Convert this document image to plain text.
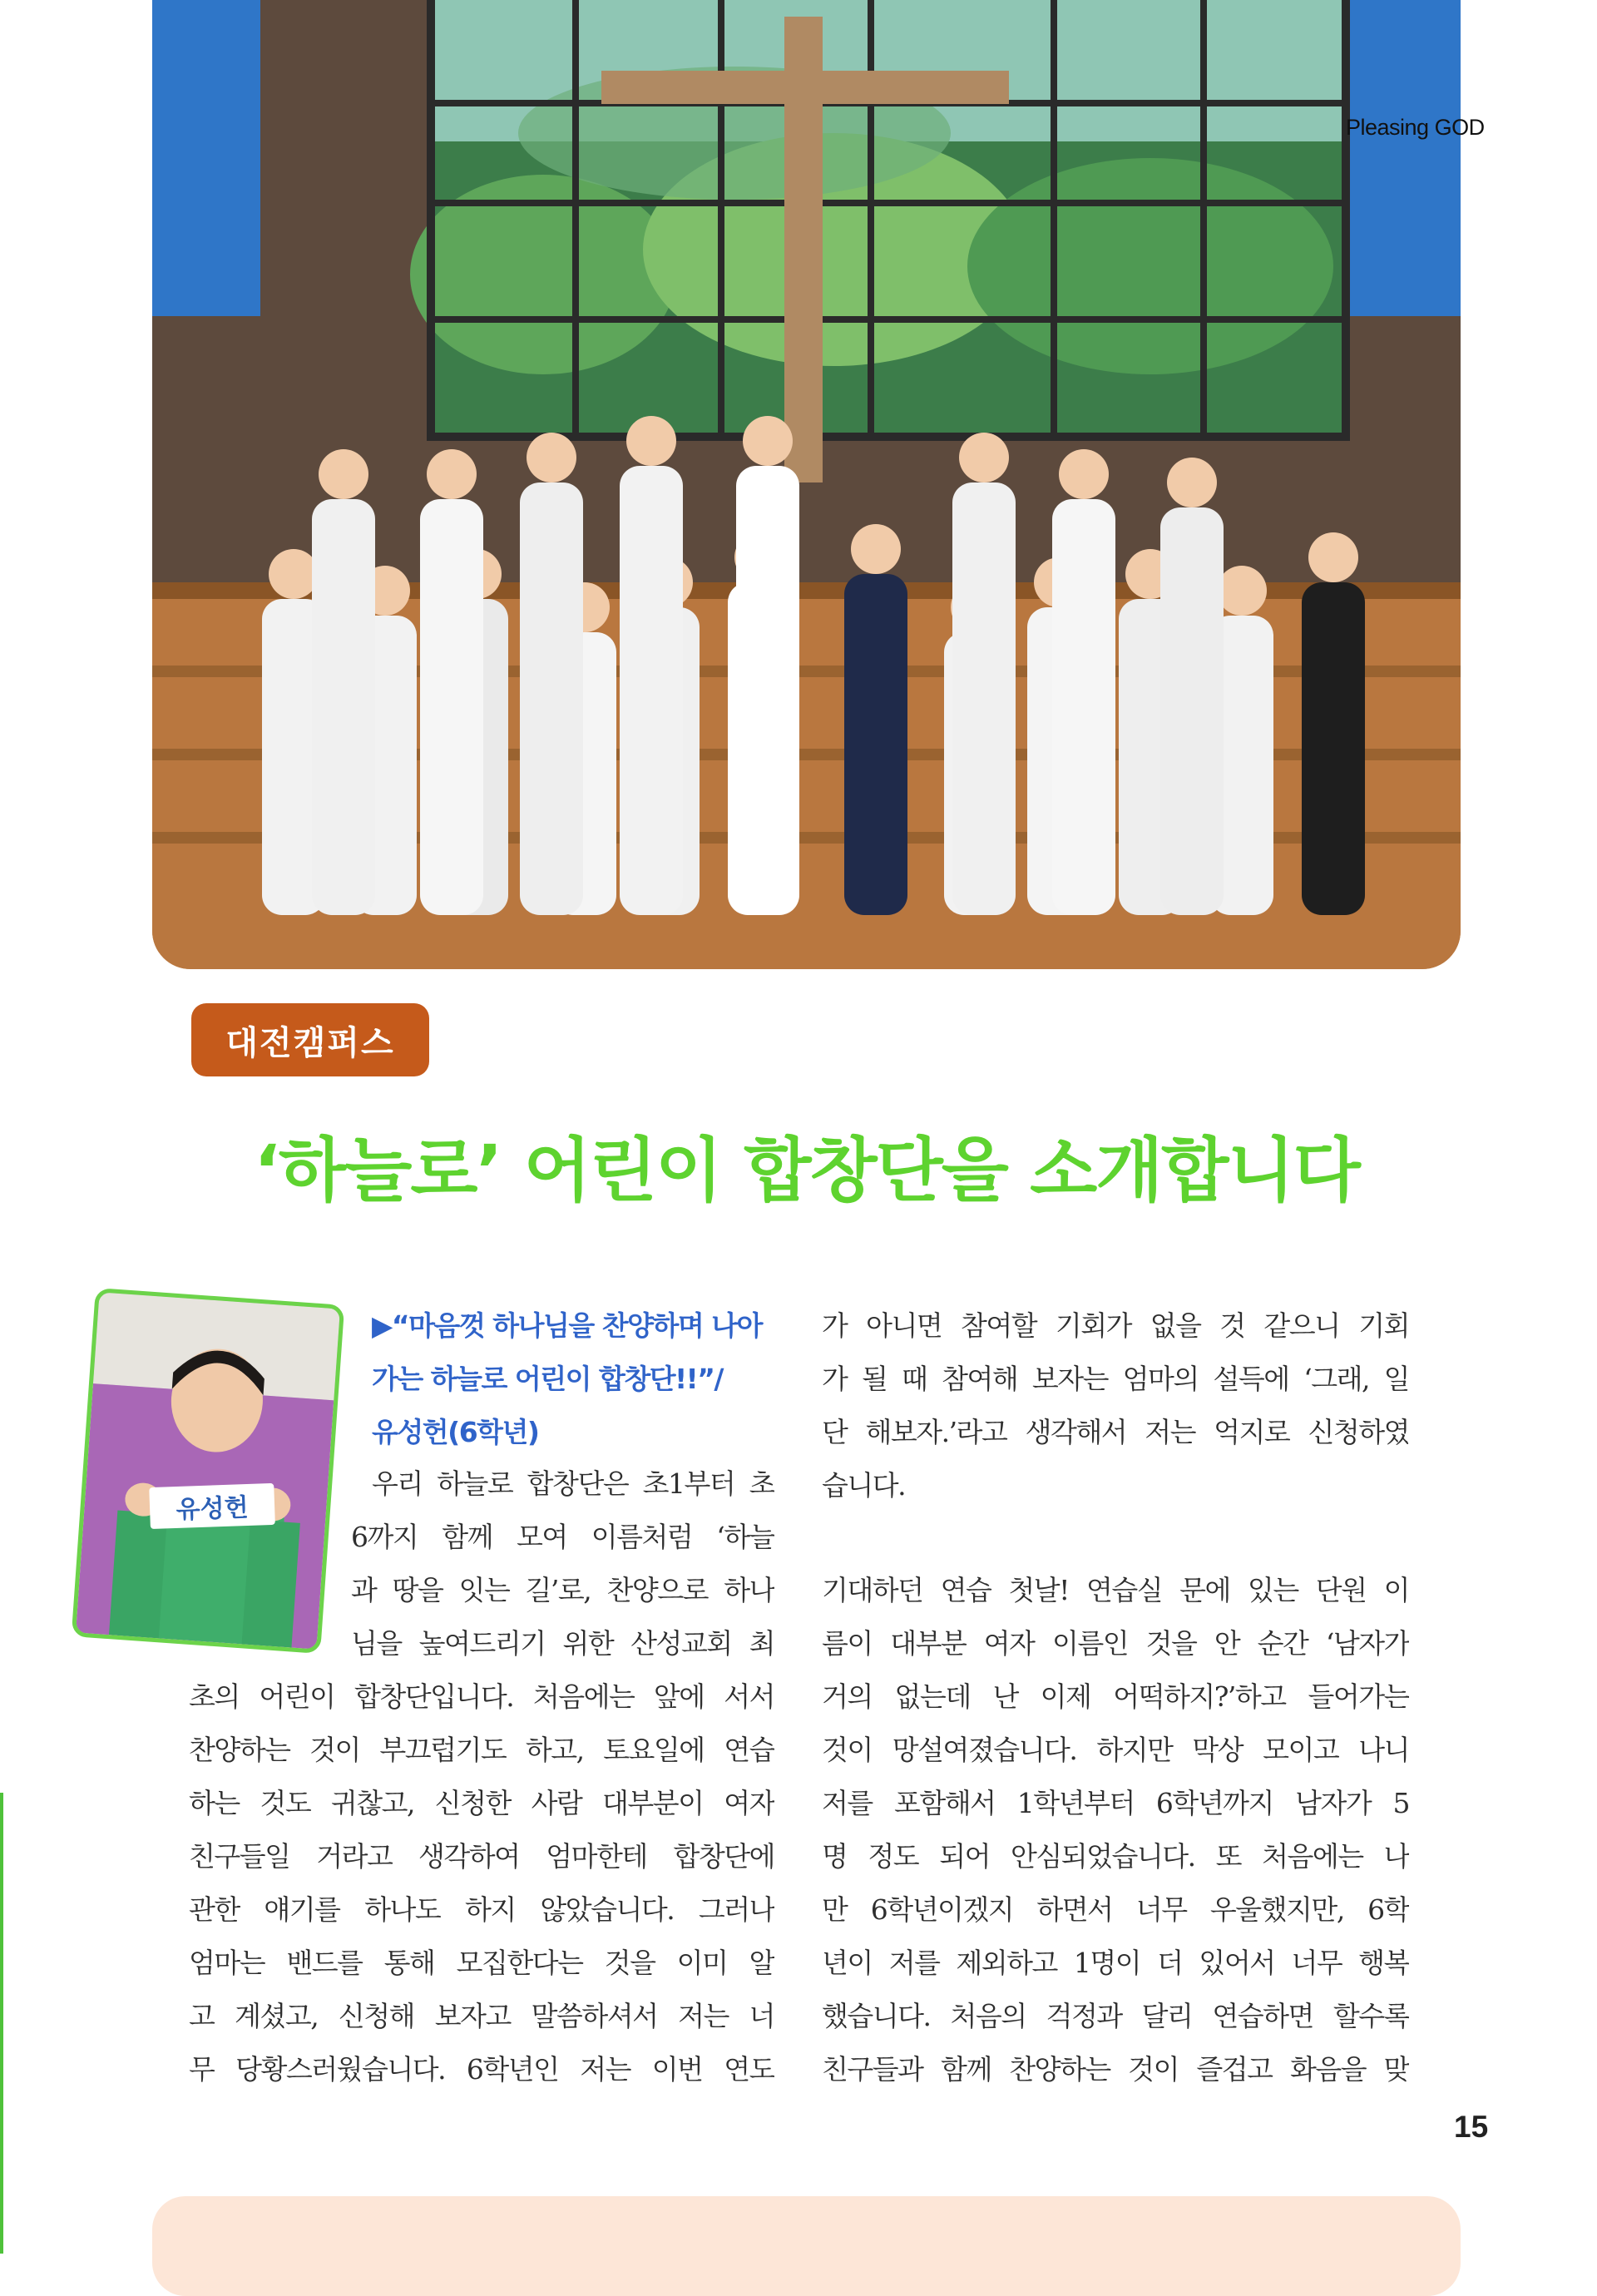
Pleasing GOD
대전캠퍼스
‘하늘로’ 어린이 합창단을 소개합니다
유성헌
▶“마음껏 하나님을 찬양하며 나아
가는 하늘로 어린이 합창단!!”/
유성헌(6학년)
우리 하늘로 합창단은 초1부터 초
6까지 함께 모여 이름처럼 ‘하늘
과 땅을 잇는 길’로, 찬양으로 하나
님을 높여드리기 위한 산성교회 최
초의 어린이 합창단입니다. 처음에는 앞에 서서
찬양하는 것이 부끄럽기도 하고, 토요일에 연습
하는 것도 귀찮고, 신청한 사람 대부분이 여자
친구들일 거라고 생각하여 엄마한테 합창단에
관한 얘기를 하나도 하지 않았습니다. 그러나
엄마는 밴드를 통해 모집한다는 것을 이미 알
고 계셨고, 신청해 보자고 말씀하셔서 저는 너
무 당황스러웠습니다. 6학년인 저는 이번 연도
가 아니면 참여할 기회가 없을 것 같으니 기회
가 될 때 참여해 보자는 엄마의 설득에 ‘그래, 일
단 해보자.’라고 생각해서 저는 억지로 신청하였
습니다.
기대하던 연습 첫날! 연습실 문에 있는 단원 이
름이 대부분 여자 이름인 것을 안 순간 ‘남자가
거의 없는데 난 이제 어떡하지?’하고 들어가는
것이 망설여졌습니다. 하지만 막상 모이고 나니
저를 포함해서 1학년부터 6학년까지 남자가 5
명 정도 되어 안심되었습니다. 또 처음에는 나
만 6학년이겠지 하면서 너무 우울했지만, 6학
년이 저를 제외하고 1명이 더 있어서 너무 행복
했습니다. 처음의 걱정과 달리 연습하면 할수록
친구들과 함께 찬양하는 것이 즐겁고 화음을 맞
15
